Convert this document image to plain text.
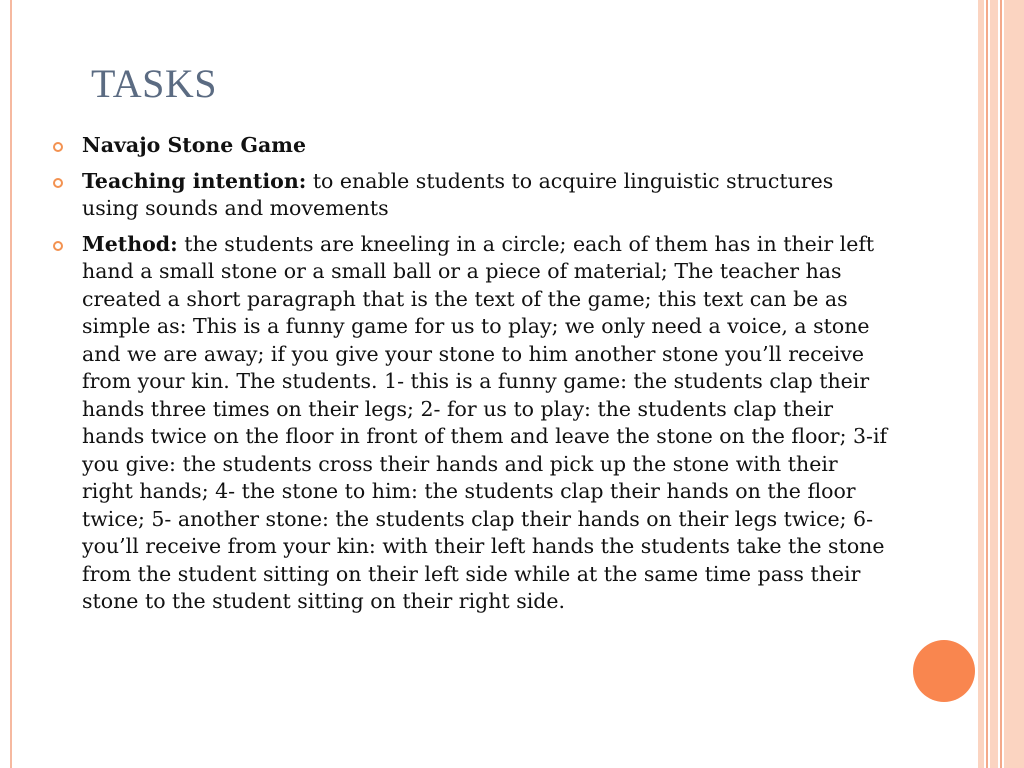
TASKS
Navajo Stone Game
Teaching intention: to enable students to acquire linguistic structures using sounds and movements
Method: the students are kneeling in a circle; each of them has in their left hand a small stone or a small ball or a piece of material; The teacher has created a short paragraph that is the text of the game; this text can be as simple as: This is a funny game for us to play; we only need a voice, a stone and we are away; if you give your stone to him another stone you’ll receive from your kin. The students. 1- this is a funny game: the students clap their hands three times on their legs; 2- for us to play: the students clap their hands twice on the floor in front of them and leave the stone on the floor; 3-if you give: the students cross their hands and pick up the stone with their right hands; 4- the stone to him: the students clap their hands on the floor twice; 5- another stone: the students clap their hands on their legs twice; 6- you’ll receive from your kin: with their left hands the students take the stone from the student sitting on their left side while at the same time pass their stone to the student sitting on their right side.
